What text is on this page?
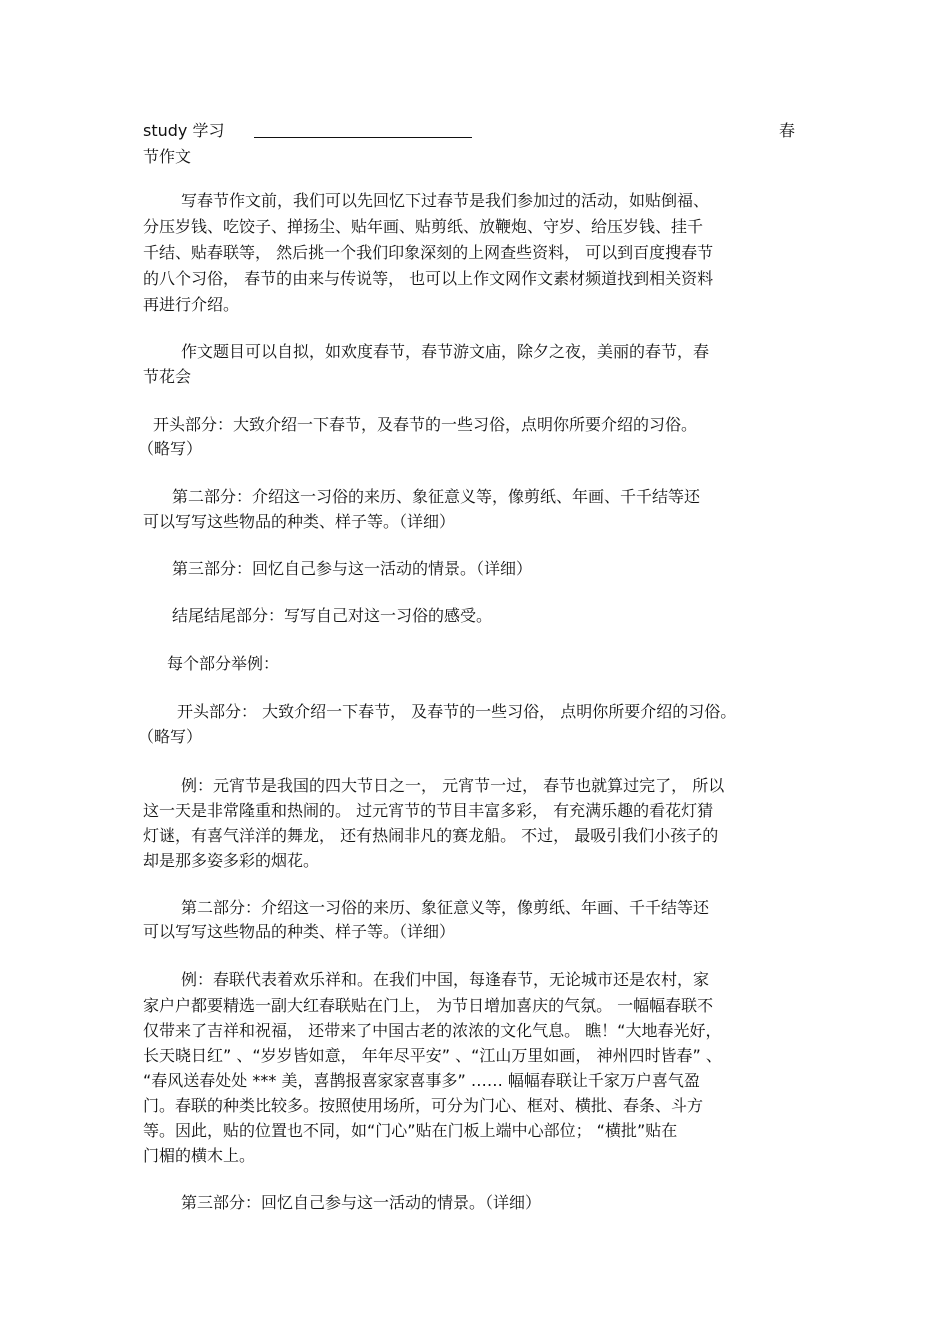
study 学习	春
节作文
写春节作文前，我们可以先回忆下过春节是我们参加过的活动，如贴倒福、
分压岁钱、吃饺子、掸扬尘、贴年画、贴剪纸、放鞭炮、守岁、给压岁钱、挂千
千结、贴春联等， 然后挑一个我们印象深刻的上网查些资料， 可以到百度搜春节
的八个习俗， 春节的由来与传说等， 也可以上作文网作文素材频道找到相关资料
再进行介绍。
作文题目可以自拟，如欢度春节，春节游文庙，除夕之夜，美丽的春节，春
节花会
开头部分：大致介绍一下春节，及春节的一些习俗，点明你所要介绍的习俗。
（略写）
第二部分：介绍这一习俗的来历、象征意义等，像剪纸、年画、千千结等还
可以写写这些物品的种类、样子等。（详细）
第三部分：回忆自己参与这一活动的情景。（详细）
结尾结尾部分：写写自己对这一习俗的感受。
每个部分举例：
开头部分： 大致介绍一下春节， 及春节的一些习俗， 点明你所要介绍的习俗。
（略写）
例：元宵节是我国的四大节日之一， 元宵节一过， 春节也就算过完了， 所以
这一天是非常隆重和热闹的。 过元宵节的节目丰富多彩， 有充满乐趣的看花灯猜
灯谜，有喜气洋洋的舞龙， 还有热闹非凡的赛龙船。 不过， 最吸引我们小孩子的
却是那多姿多彩的烟花。
第二部分：介绍这一习俗的来历、象征意义等，像剪纸、年画、千千结等还
可以写写这些物品的种类、样子等。（详细）
例：春联代表着欢乐祥和。在我们中国，每逢春节，无论城市还是农村，家
家户户都要精选一副大红春联贴在门上， 为节日增加喜庆的气氛。 一幅幅春联不
仅带来了吉祥和祝福， 还带来了中国古老的浓浓的文化气息。 瞧！“大地春光好，
长天晓日红” 、“岁岁皆如意， 年年尽平安” 、“江山万里如画， 神州四时皆春” 、
“春风送春处处 *** 美，喜鹊报喜家家喜事多” …… 幅幅春联让千家万户喜气盈
门。春联的种类比较多。按照使用场所，可分为门心、框对、横批、春条、斗方
等。因此，贴的位置也不同，如“门心”贴在门板上端中心部位； “横批”贴在
门楣的横木上。
第三部分：回忆自己参与这一活动的情景。（详细）
